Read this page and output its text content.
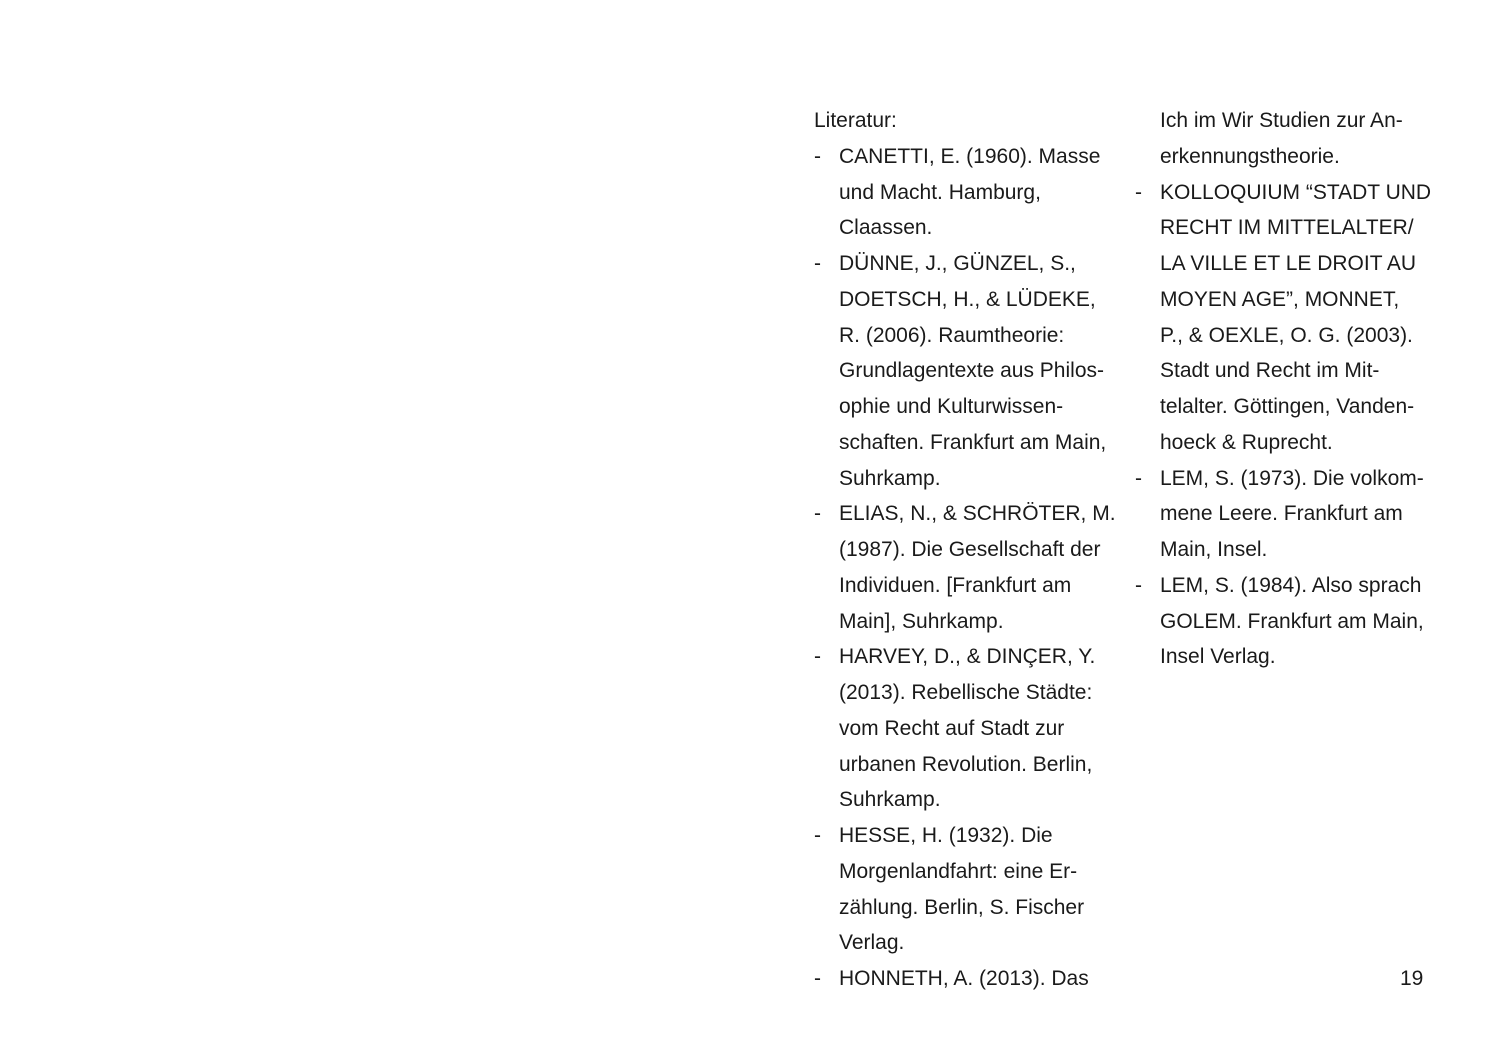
Literatur:
- CANETTI, E. (1960). Masse
und Macht. Hamburg,
Claassen.
- DÜNNE, J., GÜNZEL, S.,
DOETSCH, H., & LÜDEKE,
R. (2006). Raumtheorie:
Grundlagentexte aus Philos-
ophie und Kulturwissen-
schaften. Frankfurt am Main,
Suhrkamp.
- ELIAS, N., & SCHRÖTER, M.
(1987). Die Gesellschaft der
Individuen. [Frankfurt am
Main], Suhrkamp.
- HARVEY, D., & DINÇER, Y.
(2013). Rebellische Städte:
vom Recht auf Stadt zur
urbanen Revolution. Berlin,
Suhrkamp.
- HESSE, H. (1932). Die
Morgenlandfahrt: eine Er-
zählung. Berlin, S. Fischer
Verlag.
- HONNETH, A. (2013). Das
Ich im Wir Studien zur An-
erkennungstheorie.
- KOLLOQUIUM “STADT UND
RECHT IM MITTELALTER/
LA VILLE ET LE DROIT AU
MOYEN AGE”, MONNET,
P., & OEXLE, O. G. (2003).
Stadt und Recht im Mit-
telalter. Göttingen, Vanden-
hoeck & Ruprecht.
- LEM, S. (1973). Die volkom-
mene Leere. Frankfurt am
Main, Insel.
- LEM, S. (1984). Also sprach
GOLEM. Frankfurt am Main,
Insel Verlag.
19
